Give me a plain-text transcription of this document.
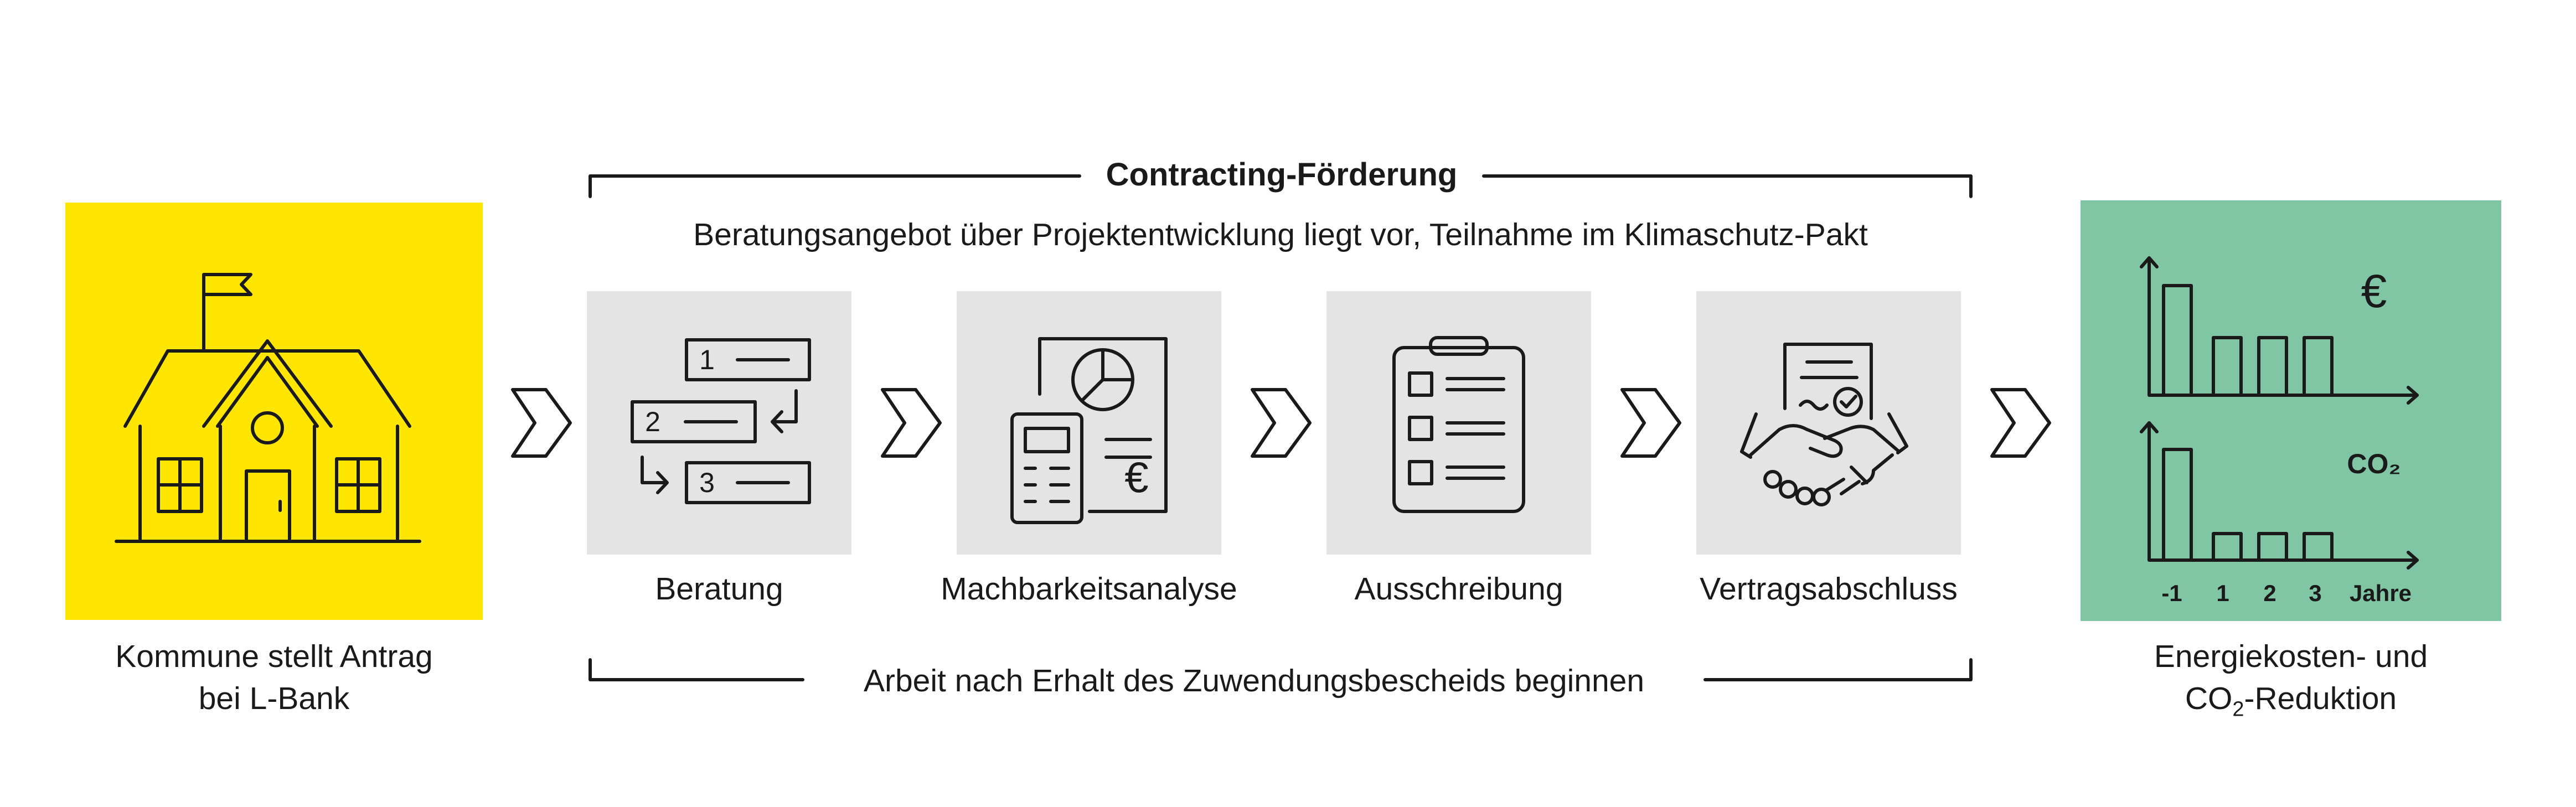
Contracting-Förderung
Beratungsangebot über Projektentwicklung liegt vor, Teilnahme im Klimaschutz-Pakt
Arbeit nach Erhalt des Zuwendungsbescheids beginnen
Kommune stellt Antrag
bei L-Bank
1
2
3
Beratung
€
Machbarkeitsanalyse	Ausschreibung	Vertragsabschluss
€
CO₂
-1	1 2 3	Jahre
Energiekosten- und
$CO_2$-Reduktion
